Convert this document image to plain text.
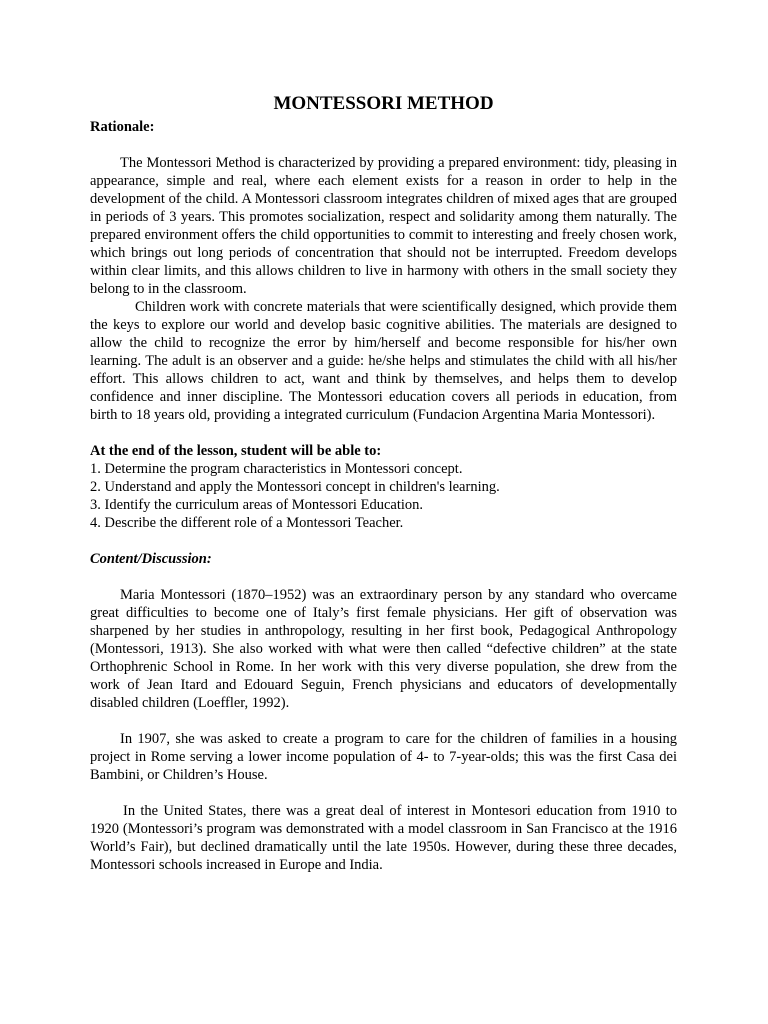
MONTESSORI METHOD
Rationale:

The Montessori Method is characterized by providing a prepared environment: tidy, pleasing in appearance, simple and real, where each element exists for a reason in order to help in the development of the child. A Montessori classroom integrates children of mixed ages that are grouped in periods of 3 years. This promotes socialization, respect and solidarity among them naturally. The prepared environment offers the child opportunities to commit to interesting and freely chosen work, which brings out long periods of concentration that should not be interrupted. Freedom develops within clear limits, and this allows children to live in harmony with others in the small society they belong to in the classroom.

Children work with concrete materials that were scientifically designed, which provide them the keys to explore our world and develop basic cognitive abilities. The materials are designed to allow the child to recognize the error by him/herself and become responsible for his/her own learning. The adult is an observer and a guide: he/she helps and stimulates the child with all his/her effort. This allows children to act, want and think by themselves, and helps them to develop confidence and inner discipline. The Montessori education covers all periods in education, from birth to 18 years old, providing a integrated curriculum (Fundacion Argentina Maria Montessori).

At the end of the lesson, student will be able to:
1. Determine the program characteristics in Montessori concept.
2. Understand and apply the Montessori concept in children's learning.
3. Identify the curriculum areas of Montessori Education.
4. Describe the different role of a Montessori Teacher.
Content/Discussion:

Maria Montessori (1870–1952) was an extraordinary person by any standard who overcame great difficulties to become one of Italy’s first female physicians. Her gift of observation was sharpened by her studies in anthropology, resulting in her first book, Pedagogical Anthropology (Montessori, 1913). She also worked with what were then called “defective children” at the state Orthophrenic School in Rome. In her work with this very diverse population, she drew from the work of Jean Itard and Edouard Seguin, French physicians and educators of developmentally disabled children (Loeffler, 1992).

In 1907, she was asked to create a program to care for the children of families in a housing project in Rome serving a lower income population of 4- to 7-year-olds; this was the first Casa dei Bambini, or Children’s House.

In the United States, there was a great deal of interest in Montesori education from 1910 to 1920 (Montessori’s program was demonstrated with a model classroom in San Francisco at the 1916 World’s Fair), but declined dramatically until the late 1950s. However, during these three decades, Montessori schools increased in Europe and India.
